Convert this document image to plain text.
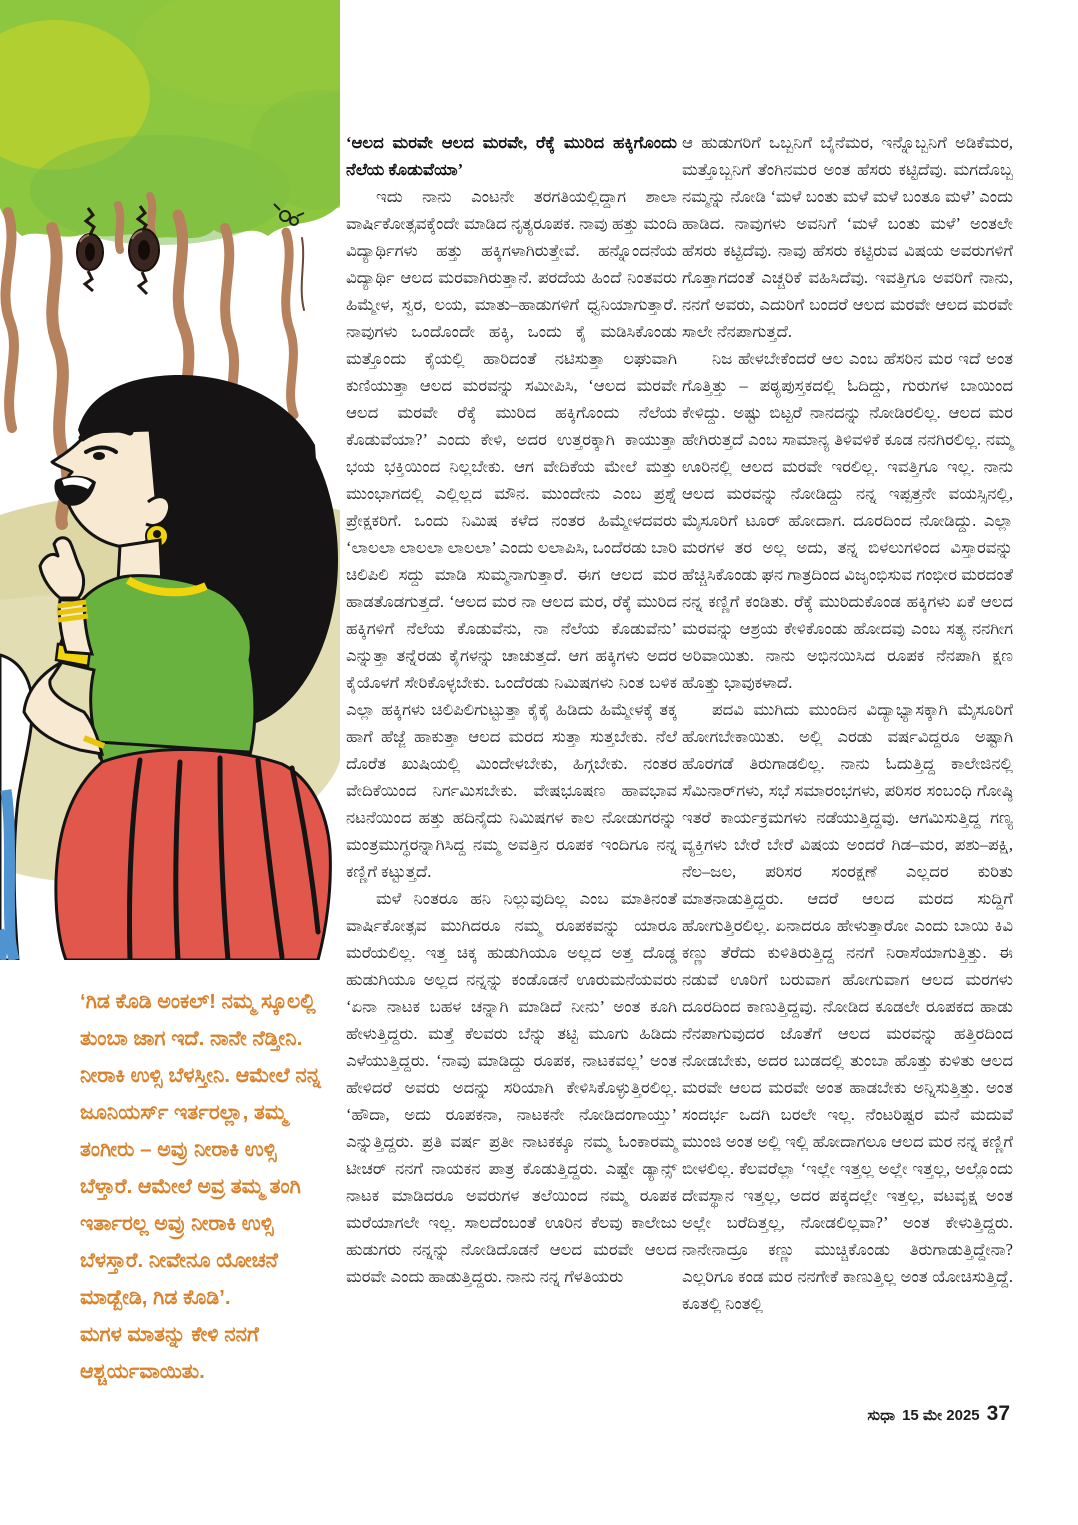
‘ಆಲದ ಮರವೇ ಆಲದ ಮರವೇ, ರೆಕ್ಕೆ ಮುರಿದ ಹಕ್ಕಿಗೊಂದು ನೆಲೆಯ ಕೊಡುವೆಯಾ’

ಇದು ನಾನು ಎಂಟನೇ ತರಗತಿಯಲ್ಲಿದ್ದಾಗ ಶಾಲಾ ವಾರ್ಷಿಕೋತ್ಸವಕ್ಕೆಂದೇ ಮಾಡಿದ ನೃತ್ಯರೂಪಕ. ನಾವು ಹತ್ತು ಮಂದಿ ವಿದ್ಯಾರ್ಥಿಗಳು ಹತ್ತು ಹಕ್ಕಿಗಳಾಗಿರುತ್ತೇವೆ. ಹನ್ನೊಂದನೆಯ ವಿದ್ಯಾರ್ಥಿ ಆಲದ ಮರವಾಗಿರುತ್ತಾನೆ. ಪರದೆಯ ಹಿಂದೆ ನಿಂತವರು ಹಿಮ್ಮೇಳ, ಸ್ವರ, ಲಯ, ಮಾತು–ಹಾಡುಗಳಿಗೆ ಧ್ವನಿಯಾಗುತ್ತಾರೆ. ನಾವುಗಳು ಒಂದೊಂದೇ ಹಕ್ಕಿ, ಒಂದು ಕೈ ಮಡಿಸಿಕೊಂಡು ಮತ್ತೊಂದು ಕೈಯಲ್ಲಿ ಹಾರಿದಂತೆ ನಟಿಸುತ್ತಾ ಲಘುವಾಗಿ ಕುಣಿಯುತ್ತಾ ಆಲದ ಮರವನ್ನು ಸಮೀಪಿಸಿ, ‘ಆಲದ ಮರವೇ ಆಲದ ಮರವೇ ರೆಕ್ಕೆ ಮುರಿದ ಹಕ್ಕಿಗೊಂದು ನೆಲೆಯ ಕೊಡುವೆಯಾ?’ ಎಂದು ಕೇಳಿ, ಅದರ ಉತ್ತರಕ್ಕಾಗಿ ಕಾಯುತ್ತಾ ಭಯ ಭಕ್ತಿಯಿಂದ ನಿಲ್ಲಬೇಕು. ಆಗ ವೇದಿಕೆಯ ಮೇಲೆ ಮತ್ತು ಮುಂಭಾಗದಲ್ಲಿ ಎಲ್ಲಿಲ್ಲದ ಮೌನ. ಮುಂದೇನು ಎಂಬ ಪ್ರಶ್ನೆ ಪ್ರೇಕ್ಷಕರಿಗೆ. ಒಂದು ನಿಮಿಷ ಕಳೆದ ನಂತರ ಹಿಮ್ಮೇಳದವರು ‘ಲಾಲಲಾ ಲಾಲಲಾ ಲಾಲಲಾ’ ಎಂದು ಲಲಾಪಿಸಿ, ಒಂದೆರಡು ಬಾರಿ ಚಿಲಿಪಿಲಿ ಸದ್ದು ಮಾಡಿ ಸುಮ್ಮನಾಗುತ್ತಾರೆ. ಈಗ ಆಲದ ಮರ ಹಾಡತೊಡಗುತ್ತದೆ. ‘ಆಲದ ಮರ ನಾ ಆಲದ ಮರ, ರೆಕ್ಕೆ ಮುರಿದ ಹಕ್ಕಿಗಳಿಗೆ ನೆಲೆಯ ಕೊಡುವೆನು, ನಾ ನೆಲೆಯ ಕೊಡುವೆನು’ ಎನ್ನುತ್ತಾ ತನ್ನೆರಡು ಕೈಗಳನ್ನು ಚಾಚುತ್ತದೆ. ಆಗ ಹಕ್ಕಿಗಳು ಅದರ ಕೈಯೊಳಗೆ ಸೇರಿಕೊಳ್ಳಬೇಕು. ಒಂದೆರಡು ನಿಮಿಷಗಳು ನಿಂತ ಬಳಿಕ ಎಲ್ಲಾ ಹಕ್ಕಿಗಳು ಚಿಲಿಪಿಲಿಗುಟ್ಟುತ್ತಾ ಕೈಕೈ ಹಿಡಿದು ಹಿಮ್ಮೇಳಕ್ಕೆ ತಕ್ಕ ಹಾಗೆ ಹೆಜ್ಜೆ ಹಾಕುತ್ತಾ ಆಲದ ಮರದ ಸುತ್ತಾ ಸುತ್ತಬೇಕು. ನೆಲೆ ದೊರೆತ ಖುಷಿಯಲ್ಲಿ ಮಿಂದೇಳಬೇಕು, ಹಿಗ್ಗಬೇಕು. ನಂತರ ವೇದಿಕೆಯಿಂದ ನಿರ್ಗಮಿಸಬೇಕು. ವೇಷಭೂಷಣ ಹಾವಭಾವ ನಟನೆಯಿಂದ ಹತ್ತು ಹದಿನೈದು ನಿಮಿಷಗಳ ಕಾಲ ನೋಡುಗರನ್ನು ಮಂತ್ರಮುಗ್ಧರನ್ನಾಗಿಸಿದ್ದ ನಮ್ಮ ಅವತ್ತಿನ ರೂಪಕ ಇಂದಿಗೂ ನನ್ನ ಕಣ್ಣಿಗೆ ಕಟ್ಟುತ್ತದೆ.

ಮಳೆ ನಿಂತರೂ ಹನಿ ನಿಲ್ಲುವುದಿಲ್ಲ ಎಂಬ ಮಾತಿನಂತೆ ವಾರ್ಷಿಕೋತ್ಸವ ಮುಗಿದರೂ ನಮ್ಮ ರೂಪಕವನ್ನು ಯಾರೂ ಮರೆಯಲಿಲ್ಲ. ಇತ್ತ ಚಿಕ್ಕ ಹುಡುಗಿಯೂ ಅಲ್ಲದ ಅತ್ತ ದೊಡ್ಡ ಹುಡುಗಿಯೂ ಅಲ್ಲದ ನನ್ನನ್ನು ಕಂಡೊಡನೆ ಊರುಮನೆಯವರು ‘ಏನಾ ನಾಟಕ ಬಹಳ ಚನ್ನಾಗಿ ಮಾಡಿದೆ ನೀನು’ ಅಂತ ಕೂಗಿ ಹೇಳುತ್ತಿದ್ದರು. ಮತ್ತೆ ಕೆಲವರು ಬೆನ್ನು ತಟ್ಟಿ ಮೂಗು ಹಿಡಿದು ಎಳೆಯುತ್ತಿದ್ದರು. ‘ನಾವು ಮಾಡಿದ್ದು ರೂಪಕ, ನಾಟಕವಲ್ಲ’ ಅಂತ ಹೇಳಿದರೆ ಅವರು ಅದನ್ನು ಸರಿಯಾಗಿ ಕೇಳಿಸಿಕೊಳ್ಳುತ್ತಿರಲಿಲ್ಲ. ‘ಹೌದಾ, ಅದು ರೂಪಕನಾ, ನಾಟಕನೇ ನೋಡಿದಂಗಾಯ್ತು’ ಎನ್ನುತ್ತಿದ್ದರು. ಪ್ರತಿ ವರ್ಷ ಪ್ರತೀ ನಾಟಕಕ್ಕೂ ನಮ್ಮ ಓಂಕಾರಮ್ಮ ಟೀಚರ್ ನನಗೆ ನಾಯಕನ ಪಾತ್ರ ಕೊಡುತ್ತಿದ್ದರು. ಎಷ್ಟೇ ಡ್ಯಾನ್ಸ್ ನಾಟಕ ಮಾಡಿದರೂ ಅವರುಗಳ ತಲೆಯಿಂದ ನಮ್ಮ ರೂಪಕ ಮರೆಯಾಗಲೇ ಇಲ್ಲ. ಸಾಲದೆಂಬಂತೆ ಊರಿನ ಕೆಲವು ಕಾಲೇಜು ಹುಡುಗರು ನನ್ನನ್ನು ನೋಡಿದೊಡನೆ ಆಲದ ಮರವೇ ಆಲದ ಮರವೇ ಎಂದು ಹಾಡುತ್ತಿದ್ದರು. ನಾನು ನನ್ನ ಗೆಳತಿಯರು

ಆ ಹುಡುಗರಿಗೆ ಒಬ್ಬನಿಗೆ ಬೈನೆಮರ, ಇನ್ನೊಬ್ಬನಿಗೆ ಅಡಿಕೆಮರ, ಮತ್ತೊಬ್ಬನಿಗೆ ತೆಂಗಿನಮರ ಅಂತ ಹೆಸರು ಕಟ್ಟಿದೆವು. ಮಗದೊಬ್ಬ ನಮ್ಮನ್ನು ನೋಡಿ ‘ಮಳೆ ಬಂತು ಮಳೆ ಮಳೆ ಬಂತೂ ಮಳೆ’ ಎಂದು ಹಾಡಿದ. ನಾವುಗಳು ಅವನಿಗೆ ‘ಮಳೆ ಬಂತು ಮಳೆ’ ಅಂತಲೇ ಹೆಸರು ಕಟ್ಟಿದೆವು. ನಾವು ಹೆಸರು ಕಟ್ಟಿರುವ ವಿಷಯ ಅವರುಗಳಿಗೆ ಗೊತ್ತಾಗದಂತೆ ಎಚ್ಚರಿಕೆ ವಹಿಸಿದೆವು. ಇವತ್ತಿಗೂ ಅವರಿಗೆ ನಾನು, ನನಗೆ ಅವರು, ಎದುರಿಗೆ ಬಂದರೆ ಆಲದ ಮರವೇ ಆಲದ ಮರವೇ ಸಾಲೇ ನೆನಪಾಗುತ್ತದೆ.

ನಿಜ ಹೇಳಬೇಕೆಂದರೆ ಆಲ ಎಂಬ ಹೆಸರಿನ ಮರ ಇದೆ ಅಂತ ಗೊತ್ತಿತ್ತು – ಪಠ್ಯಪುಸ್ತಕದಲ್ಲಿ ಓದಿದ್ದು, ಗುರುಗಳ ಬಾಯಿಂದ ಕೇಳಿದ್ದು. ಅಷ್ಟು ಬಿಟ್ಟರೆ ನಾನದನ್ನು ನೋಡಿರಲಿಲ್ಲ. ಆಲದ ಮರ ಹೇಗಿರುತ್ತದೆ ಎಂಬ ಸಾಮಾನ್ಯ ತಿಳಿವಳಿಕೆ ಕೂಡ ನನಗಿರಲಿಲ್ಲ. ನಮ್ಮ ಊರಿನಲ್ಲಿ ಆಲದ ಮರವೇ ಇರಲಿಲ್ಲ. ಇವತ್ತಿಗೂ ಇಲ್ಲ. ನಾನು ಆಲದ ಮರವನ್ನು ನೋಡಿದ್ದು ನನ್ನ ಇಪ್ಪತ್ತನೇ ವಯಸ್ಸಿನಲ್ಲಿ, ಮೈಸೂರಿಗೆ ಟೂರ್ ಹೋದಾಗ. ದೂರದಿಂದ ನೋಡಿದ್ದು. ಎಲ್ಲಾ ಮರಗಳ ತರ ಅಲ್ಲ ಅದು, ತನ್ನ ಬಿಳಲುಗಳಿಂದ ವಿಸ್ತಾರವನ್ನು ಹೆಚ್ಚಿಸಿಕೊಂಡು ಘನ ಗಾತ್ರದಿಂದ ವಿಜೃಂಭಿಸುವ ಗಂಭೀರ ಮರದಂತೆ ನನ್ನ ಕಣ್ಣಿಗೆ ಕಂಡಿತು. ರೆಕ್ಕೆ ಮುರಿದುಕೊಂಡ ಹಕ್ಕಿಗಳು ಏಕೆ ಆಲದ ಮರವನ್ನು ಆಶ್ರಯ ಕೇಳಿಕೊಂಡು ಹೋದವು ಎಂಬ ಸತ್ಯ ನನಗೀಗ ಅರಿವಾಯಿತು. ನಾನು ಅಭಿನಯಿಸಿದ ರೂಪಕ ನೆನಪಾಗಿ ಕ್ಷಣ ಹೊತ್ತು ಭಾವುಕಳಾದೆ.

ಪದವಿ ಮುಗಿದು ಮುಂದಿನ ವಿದ್ಯಾಭ್ಯಾಸಕ್ಕಾಗಿ ಮೈಸೂರಿಗೆ ಹೋಗಬೇಕಾಯಿತು. ಅಲ್ಲಿ ಎರಡು ವರ್ಷವಿದ್ದರೂ ಅಷ್ಟಾಗಿ ಹೊರಗಡೆ ತಿರುಗಾಡಲಿಲ್ಲ. ನಾನು ಓದುತ್ತಿದ್ದ ಕಾಲೇಜಿನಲ್ಲಿ ಸೆಮಿನಾರ್‌ಗಳು, ಸಭೆ ಸಮಾರಂಭಗಳು, ಪರಿಸರ ಸಂಬಂಧಿ ಗೋಷ್ಠಿ ಇತರೆ ಕಾರ್ಯಕ್ರಮಗಳು ನಡೆಯುತ್ತಿದ್ದವು. ಆಗಮಿಸುತ್ತಿದ್ದ ಗಣ್ಯ ವ್ಯಕ್ತಿಗಳು ಬೇರೆ ಬೇರೆ ವಿಷಯ ಅಂದರೆ ಗಿಡ–ಮರ, ಪಶು–ಪಕ್ಷಿ, ನೆಲ–ಜಲ, ಪರಿಸರ ಸಂರಕ್ಷಣೆ ಎಲ್ಲದರ ಕುರಿತು ಮಾತನಾಡುತ್ತಿದ್ದರು. ಆದರೆ ಆಲದ ಮರದ ಸುದ್ದಿಗೆ ಹೋಗುತ್ತಿರಲಿಲ್ಲ. ಏನಾದರೂ ಹೇಳುತ್ತಾರೋ ಎಂದು ಬಾಯಿ ಕಿವಿ ಕಣ್ಣು ತೆರೆದು ಕುಳಿತಿರುತ್ತಿದ್ದ ನನಗೆ ನಿರಾಸೆಯಾಗುತ್ತಿತ್ತು. ಈ ನಡುವೆ ಊರಿಗೆ ಬರುವಾಗ ಹೋಗುವಾಗ ಆಲದ ಮರಗಳು ದೂರದಿಂದ ಕಾಣುತ್ತಿದ್ದವು. ನೋಡಿದ ಕೂಡಲೇ ರೂಪಕದ ಹಾಡು ನೆನಪಾಗುವುದರ ಜೊತೆಗೆ ಆಲದ ಮರವನ್ನು ಹತ್ತಿರದಿಂದ ನೋಡಬೇಕು, ಅದರ ಬುಡದಲ್ಲಿ ತುಂಬಾ ಹೊತ್ತು ಕುಳಿತು ಆಲದ ಮರವೇ ಆಲದ ಮರವೇ ಅಂತ ಹಾಡಬೇಕು ಅನ್ನಿಸುತ್ತಿತ್ತು. ಅಂತ ಸಂದರ್ಭ ಒದಗಿ ಬರಲೇ ಇಲ್ಲ. ನೆಂಟರಿಷ್ಟರ ಮನೆ ಮದುವೆ ಮುಂಜಿ ಅಂತ ಅಲ್ಲಿ ಇಲ್ಲಿ ಹೋದಾಗಲೂ ಆಲದ ಮರ ನನ್ನ ಕಣ್ಣಿಗೆ ಬೀಳಲಿಲ್ಲ. ಕೆಲವರೆಲ್ಲಾ ‘ಇಲ್ಲೇ ಇತ್ತಲ್ಲ ಅಲ್ಲೇ ಇತ್ತಲ್ಲ, ಅಲ್ಲೊಂದು ದೇವಸ್ಥಾನ ಇತ್ತಲ್ಲ, ಅದರ ಪಕ್ಕದಲ್ಲೇ ಇತ್ತಲ್ಲ, ವಟವೃಕ್ಷ ಅಂತ ಅಲ್ಲೇ ಬರೆದಿತ್ತಲ್ಲ, ನೋಡಲಿಲ್ಲವಾ?’ ಅಂತ ಕೇಳುತ್ತಿದ್ದರು. ನಾನೇನಾದ್ರೂ ಕಣ್ಣು ಮುಚ್ಚಿಕೊಂಡು ತಿರುಗಾಡುತ್ತಿದ್ದೇನಾ? ಎಲ್ಲರಿಗೂ ಕಂಡ ಮರ ನನಗೇಕೆ ಕಾಣುತ್ತಿಲ್ಲ ಅಂತ ಯೋಚಿಸುತ್ತಿದ್ದೆ. ಕೂತಲ್ಲಿ ನಿಂತಲ್ಲಿ

‘ಗಿಡ ಕೊಡಿ ಅಂಕಲ್! ನಮ್ಮ ಸ್ಕೂಲಲ್ಲಿ ತುಂಬಾ ಜಾಗ ಇದೆ. ನಾನೇ ನೆಡ್ತೀನಿ. ನೀರಾಕಿ ಉಳ್ಸಿ ಬೆಳಸ್ತೀನಿ. ಆಮೇಲೆ ನನ್ನ ಜೂನಿಯರ್ಸ್ ಇರ್ತರಲ್ಲಾ, ತಮ್ಮ ತಂಗೀರು – ಅವ್ರು ನೀರಾಕಿ ಉಳ್ಸಿ ಬೆಳ್ತಾರೆ. ಆಮೇಲೆ ಅವ್ರ ತಮ್ಮ ತಂಗಿ ಇರ್ತಾರಲ್ಲ ಅವ್ರು ನೀರಾಕಿ ಉಳ್ಸಿ ಬೆಳಸ್ತಾರೆ. ನೀವೇನೂ ಯೋಚನೆ ಮಾಡ್ಬೇಡಿ, ಗಿಡ ಕೊಡಿ’.

ಮಗಳ ಮಾತನ್ನು ಕೇಳಿ ನನಗೆ ಆಶ್ಚರ್ಯವಾಯಿತು.

ಸುಧಾ 15 ಮೇ 2025 37
